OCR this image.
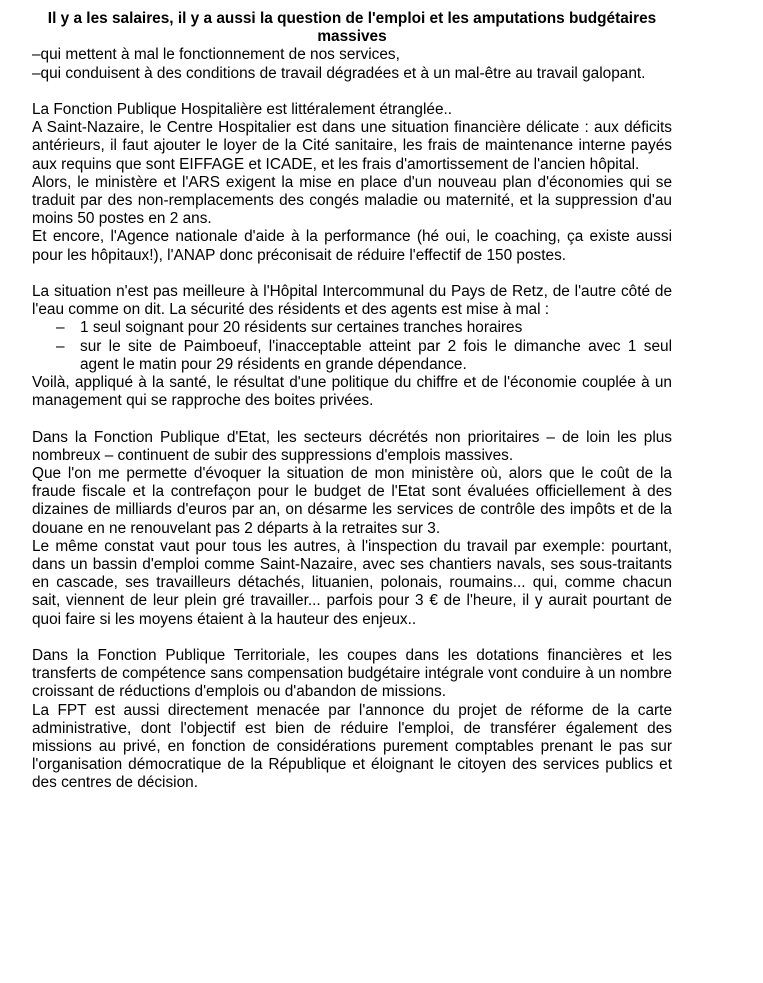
Il y a les salaires, il y a aussi la question de l'emploi et les amputations budgétaires massives

–qui mettent à mal le fonctionnement de nos services,

–qui conduisent à des conditions de travail dégradées et à un mal-être au travail galopant.

La Fonction Publique Hospitalière est littéralement étranglée..

A Saint-Nazaire, le Centre Hospitalier est dans une situation financière délicate : aux déficits antérieurs, il faut ajouter le loyer de la Cité sanitaire, les frais de maintenance interne payés aux requins que sont EIFFAGE et ICADE, et les frais d'amortissement de l'ancien hôpital.

Alors, le ministère et l'ARS exigent la mise en place d'un nouveau plan d'économies qui se traduit par des non-remplacements des congés maladie ou maternité, et la suppression d'au moins 50 postes en 2 ans.

Et encore, l'Agence nationale d'aide à la performance (hé oui, le coaching, ça existe aussi pour les hôpitaux!), l'ANAP donc préconisait de réduire l'effectif de 150 postes.

La situation n'est pas meilleure à l'Hôpital Intercommunal du Pays de Retz, de l'autre côté de l'eau comme on dit. La sécurité des résidents et des agents est mise à mal :

– 1 seul soignant pour 20 résidents sur certaines tranches horaires
– sur le site de Paimboeuf, l'inacceptable atteint par 2 fois le dimanche avec 1 seul agent le matin pour 29 résidents en grande dépendance.

Voilà, appliqué à la santé, le résultat d'une politique du chiffre et de l'économie couplée à un management qui se rapproche des boites privées.

Dans la Fonction Publique d'Etat, les secteurs décrétés non prioritaires – de loin les plus nombreux – continuent de subir des suppressions d'emplois massives.

Que l'on me permette d'évoquer la situation de mon ministère où, alors que le coût de la fraude fiscale et la contrefaçon pour le budget de l'Etat sont évaluées officiellement à des dizaines de milliards d'euros par an, on désarme les services de contrôle des impôts et de la douane en ne renouvelant pas 2 départs à la retraites sur 3.

Le même constat vaut pour tous les autres, à l'inspection du travail par exemple: pourtant, dans un bassin d'emploi comme Saint-Nazaire, avec ses chantiers navals, ses sous-traitants en cascade, ses travailleurs détachés, lituanien, polonais, roumains... qui, comme chacun sait, viennent de leur plein gré travailler... parfois pour 3 € de l'heure, il y aurait pourtant de quoi faire si les moyens étaient à la hauteur des enjeux..

Dans la Fonction Publique Territoriale, les coupes dans les dotations financières et les transferts de compétence sans compensation budgétaire intégrale vont conduire à un nombre croissant de réductions d'emplois ou d'abandon de missions.

La FPT est aussi directement menacée par l'annonce du projet de réforme de la carte administrative, dont l'objectif est bien de réduire l'emploi, de transférer également des missions au privé, en fonction de considérations purement comptables prenant le pas sur l'organisation démocratique de la République et éloignant le citoyen des services publics et des centres de décision.
